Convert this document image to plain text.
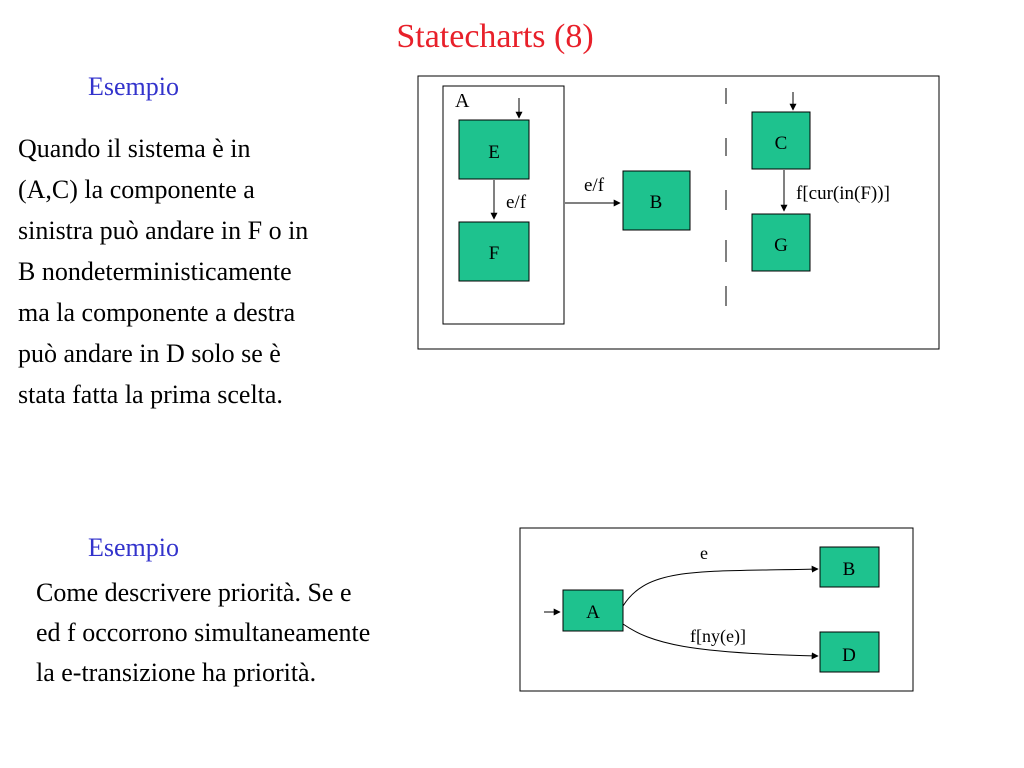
Statecharts (8)
Esempio
Quando il sistema è in
(A,C) la componente a
sinistra può andare in F o in
B nondeterministicamente
ma la componente a destra
può andare in D solo se è
stata fatta la prima scelta.
Esempio
Come descrivere priorità. Se e
ed f occorrono simultaneamente
la e-transizione ha priorità.
A
E
e/f
F
e/f
B
C
f[cur(in(F))]
G
A
e
B
f[ny(e)]
D
